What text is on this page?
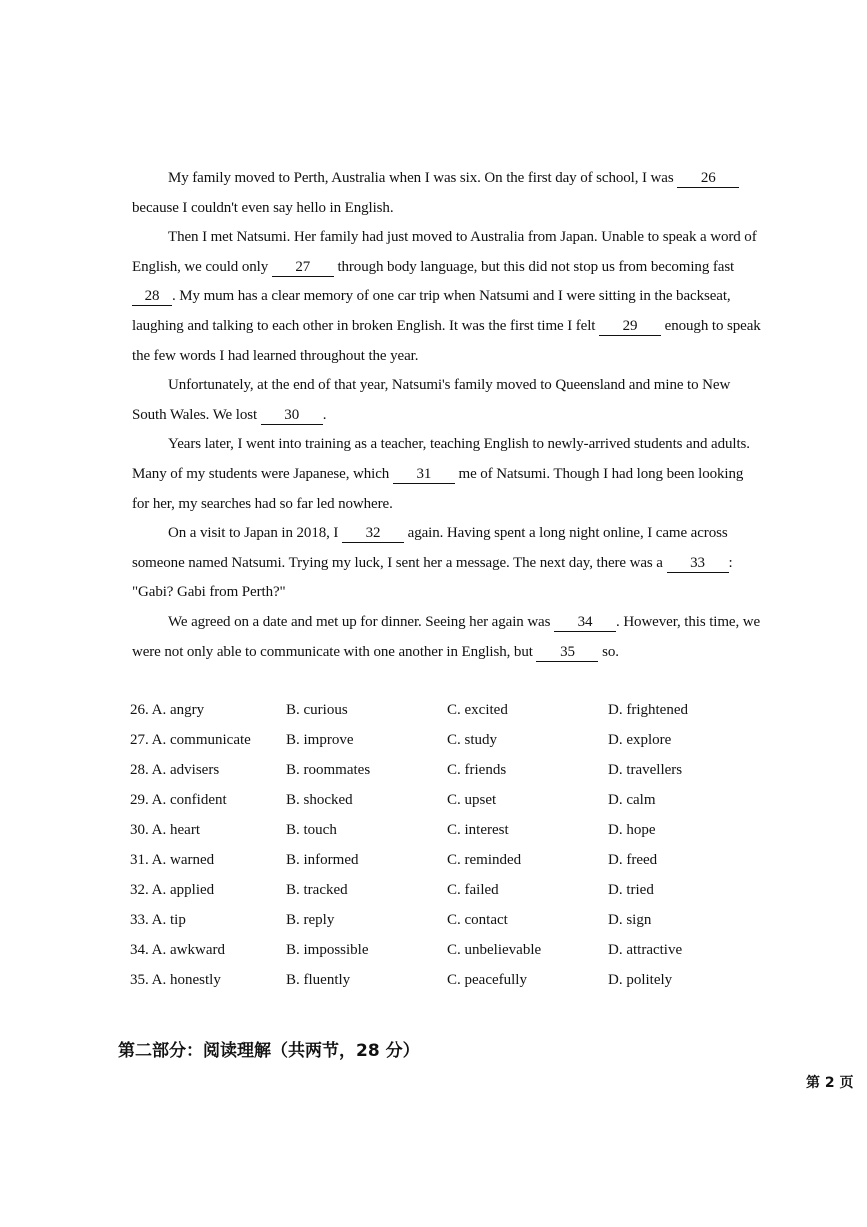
My family moved to Perth, Australia when I was six. On the first day of school, I was 26
because I couldn't even say hello in English.
Then I met Natsumi. Her family had just moved to Australia from Japan. Unable to speak a word of
English, we could only 27 through body language, but this did not stop us from becoming fast
28 . My mum has a clear memory of one car trip when Natsumi and I were sitting in the backseat,
laughing and talking to each other in broken English. It was the first time I felt 29 enough to speak
the few words I had learned throughout the year.
Unfortunately, at the end of that year, Natsumi's family moved to Queensland and mine to New
South Wales. We lost 30 .
Years later, I went into training as a teacher, teaching English to newly-arrived students and adults.
Many of my students were Japanese, which 31 me of Natsumi. Though I had long been looking
for her, my searches had so far led nowhere.
On a visit to Japan in 2018, I 32 again. Having spent a long night online, I came across
someone named Natsumi. Trying my luck, I sent her a message. The next day, there was a 33 :
"Gabi? Gabi from Perth?"
We agreed on a date and met up for dinner. Seeing her again was 34 . However, this time, we
were not only able to communicate with one another in English, but 35 so.
26. A. angry	B. curious	C. excited	D. frightened
27. A. communicate B. improve	C. study	D. explore
28. A. advisers	B. roommates	C. friends	D. travellers
29. A. confident	B. shocked	C. upset	D. calm
30. A. heart	B. touch	C. interest	D. hope
31. A. warned	B. informed	C. reminded	D. freed
32. A. applied	B. tracked	C. failed	D. tried
33. A. tip	B. reply	C. contact	D. sign
34. A. awkward	B. impossible	C. unbelievable	D. attractive
35. A. honestly	B. fluently	C. peacefully	D. politely
第二部分：阅读理解（共两节，28 分）
第 2 页
